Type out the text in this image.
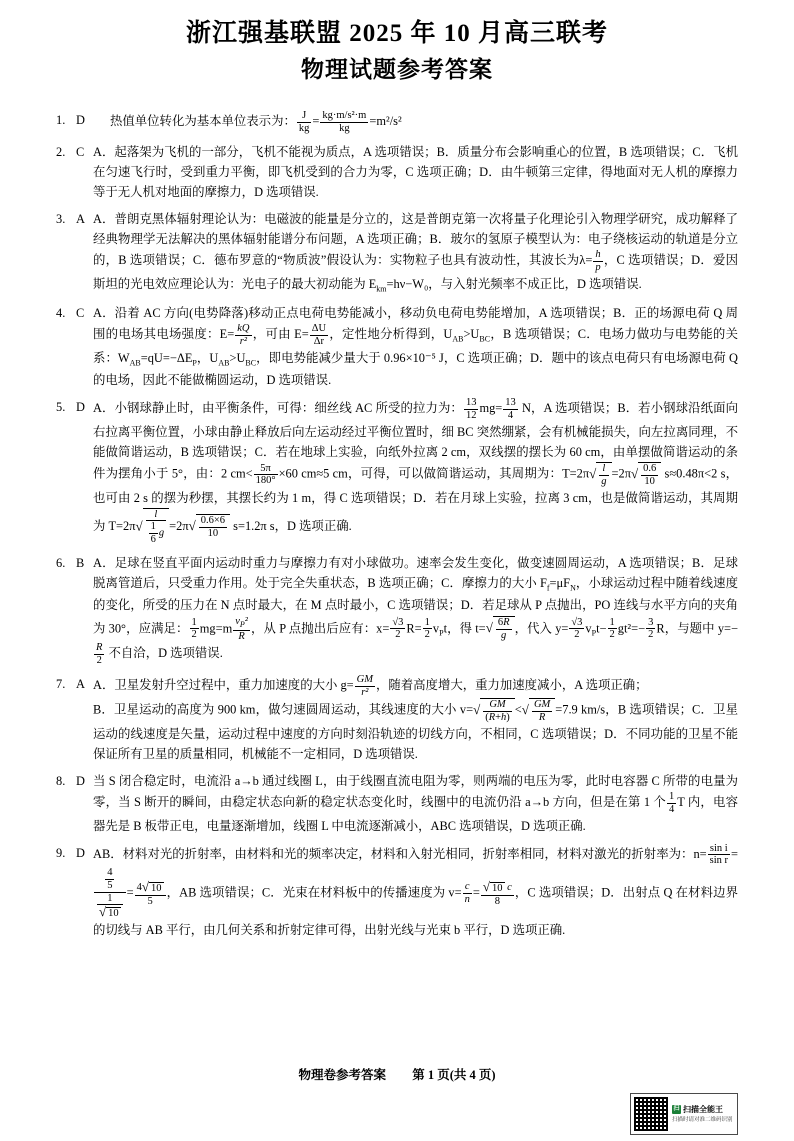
浙江强基联盟 2025 年 10 月高三联考
物理试题参考答案
1. D	热值单位转化为基本单位表示为： $\frac{J}{kg} = \frac{\text{kg·m/s²·m}}{kg} =m^2/s^2$
2. C A．起落架为飞机的一部分，飞机不能视为质点，A 选项错误；B．质量分布会影响重心的位置，B 选项错误；C．飞机在匀速飞行时，受到重力平衡，即飞机受到的合力为零，C 选项正确；D．由牛顿第三定律，得地面对无人机的摩擦力等于无人机对地面的摩擦力，D 选项错误.
3. A A．普朗克黑体辐射理论认为：电磁波的能量是分立的，这是普朗克第一次将量子化理论引入物理学研究，成功解释了经典物理学无法解决的黑体辐射能谱分布问题，A 选项正确；B．玻尔的氢原子模型认为：电子绕核运动的轨道是分立的，B 选项错误；C．德布罗意的“物质波”假设认为：实物粒子也具有波动性，其波长为$\lambda= \frac{h}{p}$ ，C 选项错误；D．爱因斯坦的光电效应理论认为：光电子的最大初动能为 $E_{km}=h\nu-W_0$，与入射光频率不成正比，D 选项错误.
4. C A．沿着 AC 方向(电势降落)移动正点电荷电势能减小，移动负电荷电势能增加，A 选项错误；B．正的场源电荷 Q 周围的电场其电场强度：$E= \frac{kQ}{\text{r²}}$ ，可由 $E= \frac{\Delta U}{\Delta r}$ ，定性地分析得到，$U_{AB}>U_{BC}$，B 选项错误；C．电场力做功与电势能的关系：$W_{AB}=qU=-\Delta E_P$，$U_{AB}>U_{BC}$，即电势能减少量大于 0.96×10⁻⁵ J，C 选项正确；D．题中的该点电荷只有电场源电荷 Q 的电场，因此不能做椭圆运动，D 选项错误.
5. D A．小钢球静止时，由平衡条件，可得：细丝线 AC 所受的拉力为： $\frac{13}{12} mg= \frac{13}{4}$ N，A 选项错误；B．若小钢球沿纸面向右拉离平衡位置，小球由静止释放后向左运动经过平衡位置时，细 BC 突然绷紧，会有机械能损失，向左拉离同理，不能做简谐运动，B 选项错误；C．若在地球上实验，向纸外拉离 2 cm，双线摆的摆长为 60 cm，由单摆做简谐运动的条件为摆角小于 5°，由：2 $cm< \frac{5\pi}{180^\circ} \times 60$ cm≈5 cm，可得，可以做简谐运动，其周期为：$T=2\pi√ \frac{l}{g} =2\pi√ \frac{0.6}{10} s\approx 0.48\pi<2$ s，也可由 2 s 的摆为秒摆，其摆长约为 1 m，得 C 选项错误；D．若在月球上实验，拉离 3 cm，也是做简谐运动，其周期为 $T=2\pi√ \frac{l}{\frac{1}{6} g} =2\pi√ \frac{0.6\times 6}{10} s=1.2\pi$ s，D 选项正确.
6. B A．足球在竖直平面内运动时重力与摩擦力有对小球做功。速率会发生变化，做变速圆周运动，A 选项错误；B．足球脱离管道后，只受重力作用。处于完全失重状态，B 选项正确；C．摩擦力的大小 $F_f=\mu F_N$，小球运动过程中随着线速度的变化，所受的压力在 N 点时最大，在 M 点时最小，C 选项错误；D．若足球从 P 点抛出，PO 连线与水平方向的夹角为 30°，应满足： $\frac{1}{2} mg=m \frac{v_P^2}{R}$ ，从 P 点抛出后应有：$x= \frac{√3}{2} R= \frac{1}{2} v_Pt$，得 $t=√ \frac{6R}{g}$ ，代入 $y= \frac{√3}{2} v_Pt- \frac{1}{2} gt^2=- \frac{3}{2}$ R，与题中 y=−
$\frac{R}{2}$ 不自洽，D 选项错误.
7. A A．卫星发射升空过程中，重力加速度的大小 $g= \frac{GM}{\text{r²}}$ ，随着高度增大，重力加速度减小，A 选项正确；
B．卫星运动的高度为 900 km，做匀速圆周运动，其线速度的大小 $v=√ \frac{GM}{(R+h)}$ <√ $\frac{GM}{R} =7.9$ km/s，B 选项错误；C．卫星运动的线速度是矢量，运动过程中速度的方向时刻沿轨迹的切线方向，不相同，C 选项错误；D．不同功能的卫星不能保证所有卫星的质量相同，机械能不一定相同，D 选项错误.
8. D 当 S 闭合稳定时，电流沿 a→b 通过线圈 L，由于线圈直流电阻为零，则两端的电压为零，此时电容器 C 所带的电量为零，当 S 断开的瞬间，由稳定状态向新的稳定状态变化时，线圈中的电流仍沿 a→b 方向，但是在第 1 个 $\frac{1}{4}$ T 内，电容器先是 B 板带正电，电量逐渐增加，线圈 L 中电流逐渐减小，ABC 选项错误，D 选项正确.
9. D AB．材料对光的折射率，由材料和光的频率决定，材料和入射光相同，折射率相同，材料对激光的折射率为：$n= \frac{\text{sin i}}{\text{sin r}}$ =
$\frac{\frac{4}{5}}{\frac{1}{√ 10}} = \frac{4√ 10}{5}$ ，AB 选项错误；C．光束在材料板中的传播速度为 $v= \frac{c}{n} = \frac{√ 10 c}{8}$ ，C 选项错误；D．出射点 Q 在材料边界的切线与 AB 平行，由几何关系和折射定律可得，出射光线与光束 b 平行，D 选项正确.
物理卷参考答案 第 1 页(共 4 页)
扫 扫描全能王
扫描时请对准二维码识别
